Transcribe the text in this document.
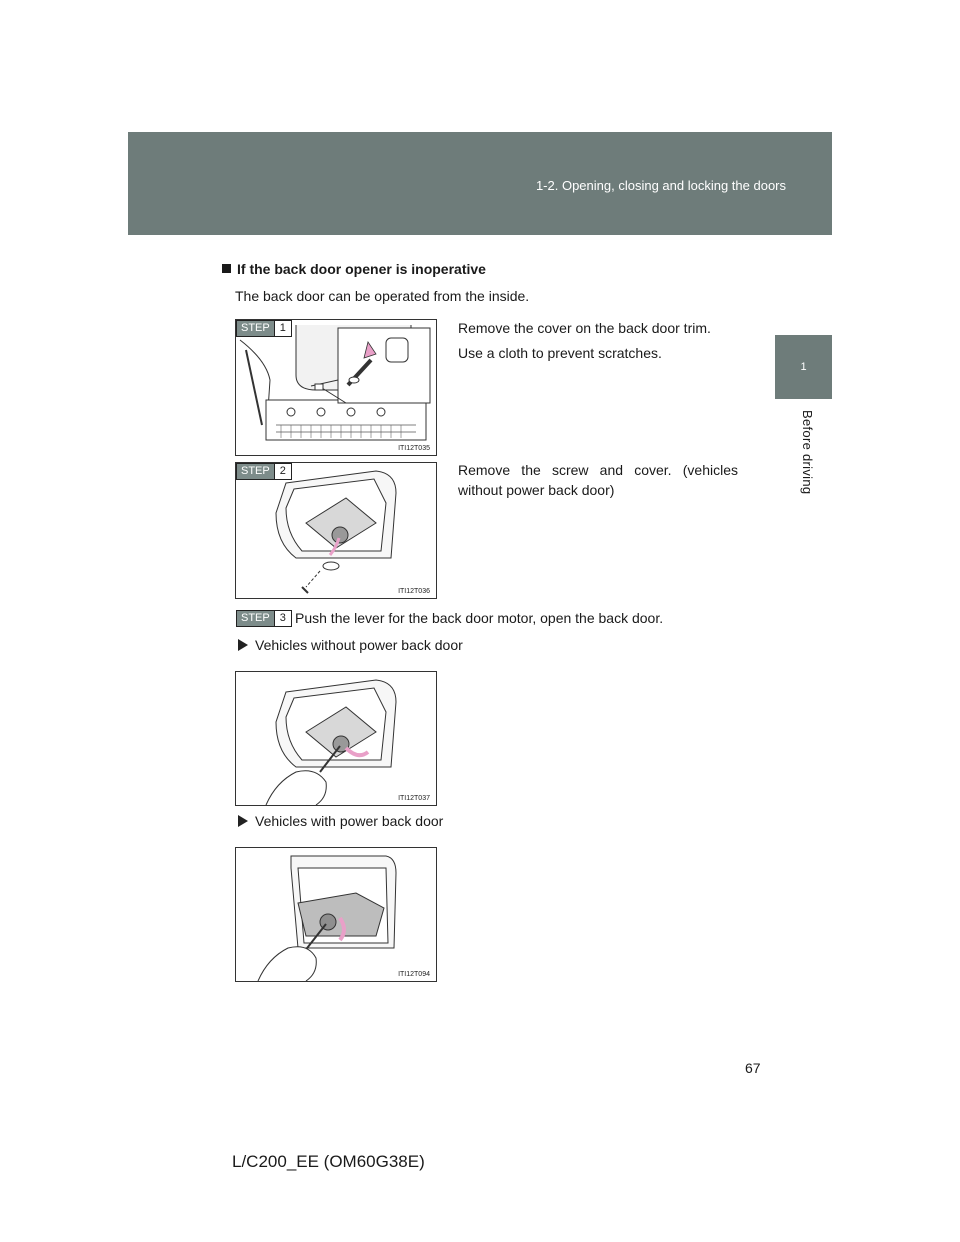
1-2. Opening, closing and locking the doors
1
Before driving
If the back door opener is inoperative
The back door can be operated from the inside.
ITI12T035
STEP 1	Remove the cover on the back door trim.
Use a cloth to prevent scratches.
ITI12T036
STEP 2	Remove the screw and cover. (vehicles without power back door)
STEP 3 Push the lever for the back door motor, open the back door.
Vehicles without power back door
ITI12T037
Vehicles with power back door
ITI12T094
67
L/C200_EE (OM60G38E)
